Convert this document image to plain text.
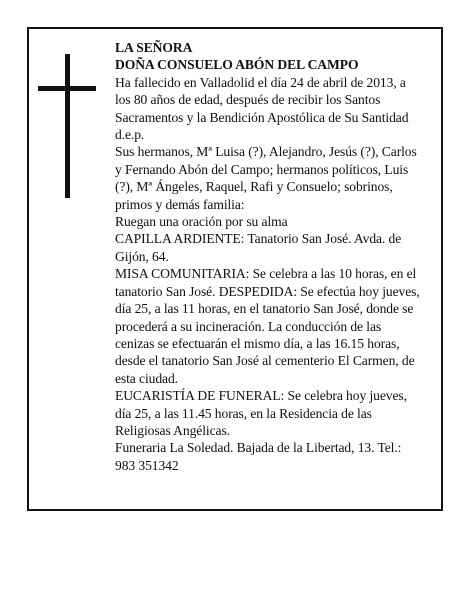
LA SEÑORA

DOÑA CONSUELO ABÓN DEL CAMPO

Ha fallecido en Valladolid el día 24 de abril de 2013, a los 80 años de edad, después de recibir los Santos Sacramentos y la Bendición Apostólica de Su Santidad d.e.p.

Sus hermanos, Mª Luisa (?), Alejandro, Jesús (?), Carlos y Fernando Abón del Campo; hermanos políticos, Luis (?), Mª Ángeles, Raquel, Rafi y Consuelo; sobrinos, primos y demás familia:

Ruegan una oración por su alma

CAPILLA ARDIENTE: Tanatorio San José. Avda. de Gijón, 64.

MISA COMUNITARIA: Se celebra a las 10 horas, en el tanatorio San José. DESPEDIDA: Se efectúa hoy jueves, día 25, a las 11 horas, en el tanatorio San José, donde se procederá a su incineración. La conducción de las cenizas se efectuarán el mismo día, a las 16.15 horas, desde el tanatorio San José al cementerio El Carmen, de esta ciudad.

EUCARISTÍA DE FUNERAL: Se celebra hoy jueves, día 25, a las 11.45 horas, en la Residencia de las Religiosas Angélicas.

Funeraria La Soledad. Bajada de la Libertad, 13. Tel.: 983 351342
